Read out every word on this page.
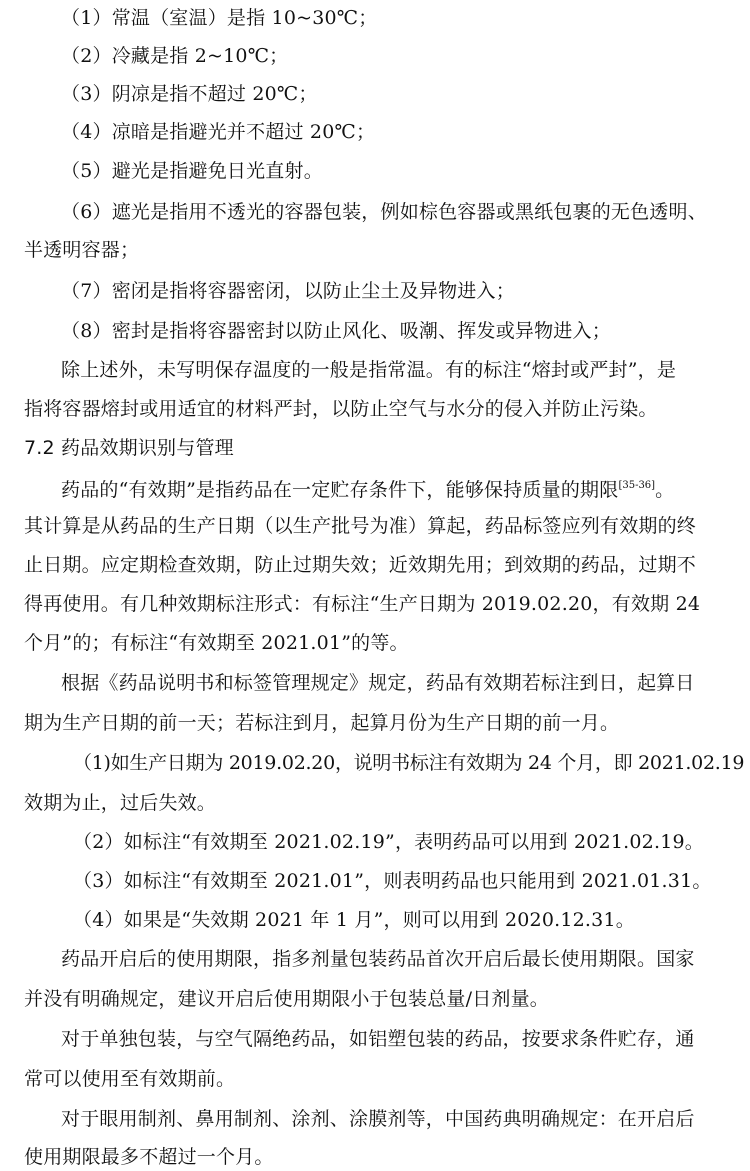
（1）常温（室温）是指 10~30℃；
（2）冷藏是指 2~10℃；
（3）阴凉是指不超过 20℃；
（4）凉暗是指避光并不超过 20℃；
（5）避光是指避免日光直射。
（6）遮光是指用不透光的容器包装，例如棕色容器或黑纸包裹的无色透明、
半透明容器；
（7）密闭是指将容器密闭，以防止尘土及异物进入；
（8）密封是指将容器密封以防止风化、吸潮、挥发或异物进入；
除上述外，未写明保存温度的一般是指常温。有的标注“熔封或严封”，是
指将容器熔封或用适宜的材料严封，以防止空气与水分的侵入并防止污染。
7.2 药品效期识别与管理
药品的“有效期”是指药品在一定贮存条件下，能够保持质量的期限[35-36]。
其计算是从药品的生产日期（以生产批号为准）算起，药品标签应列有效期的终
止日期。应定期检查效期，防止过期失效；近效期先用；到效期的药品，过期不
得再使用。有几种效期标注形式：有标注“生产日期为 2019.02.20，有效期 24
个月”的；有标注“有效期至 2021.01”的等。
根据《药品说明书和标签管理规定》规定，药品有效期若标注到日，起算日
期为生产日期的前一天；若标注到月，起算月份为生产日期的前一月。
（1)如生产日期为 2019.02.20，说明书标注有效期为 24 个月，即 2021.02.19
效期为止，过后失效。
（2）如标注“有效期至 2021.02.19”，表明药品可以用到 2021.02.19。
（3）如标注“有效期至 2021.01”，则表明药品也只能用到 2021.01.31。
（4）如果是“失效期 2021 年 1 月”，则可以用到 2020.12.31。
药品开启后的使用期限，指多剂量包装药品首次开启后最长使用期限。国家
并没有明确规定，建议开启后使用期限小于包装总量/日剂量。
对于单独包装，与空气隔绝药品，如铝塑包装的药品，按要求条件贮存，通
常可以使用至有效期前。
对于眼用制剂、鼻用制剂、涂剂、涂膜剂等，中国药典明确规定：在开启后
使用期限最多不超过一个月。
